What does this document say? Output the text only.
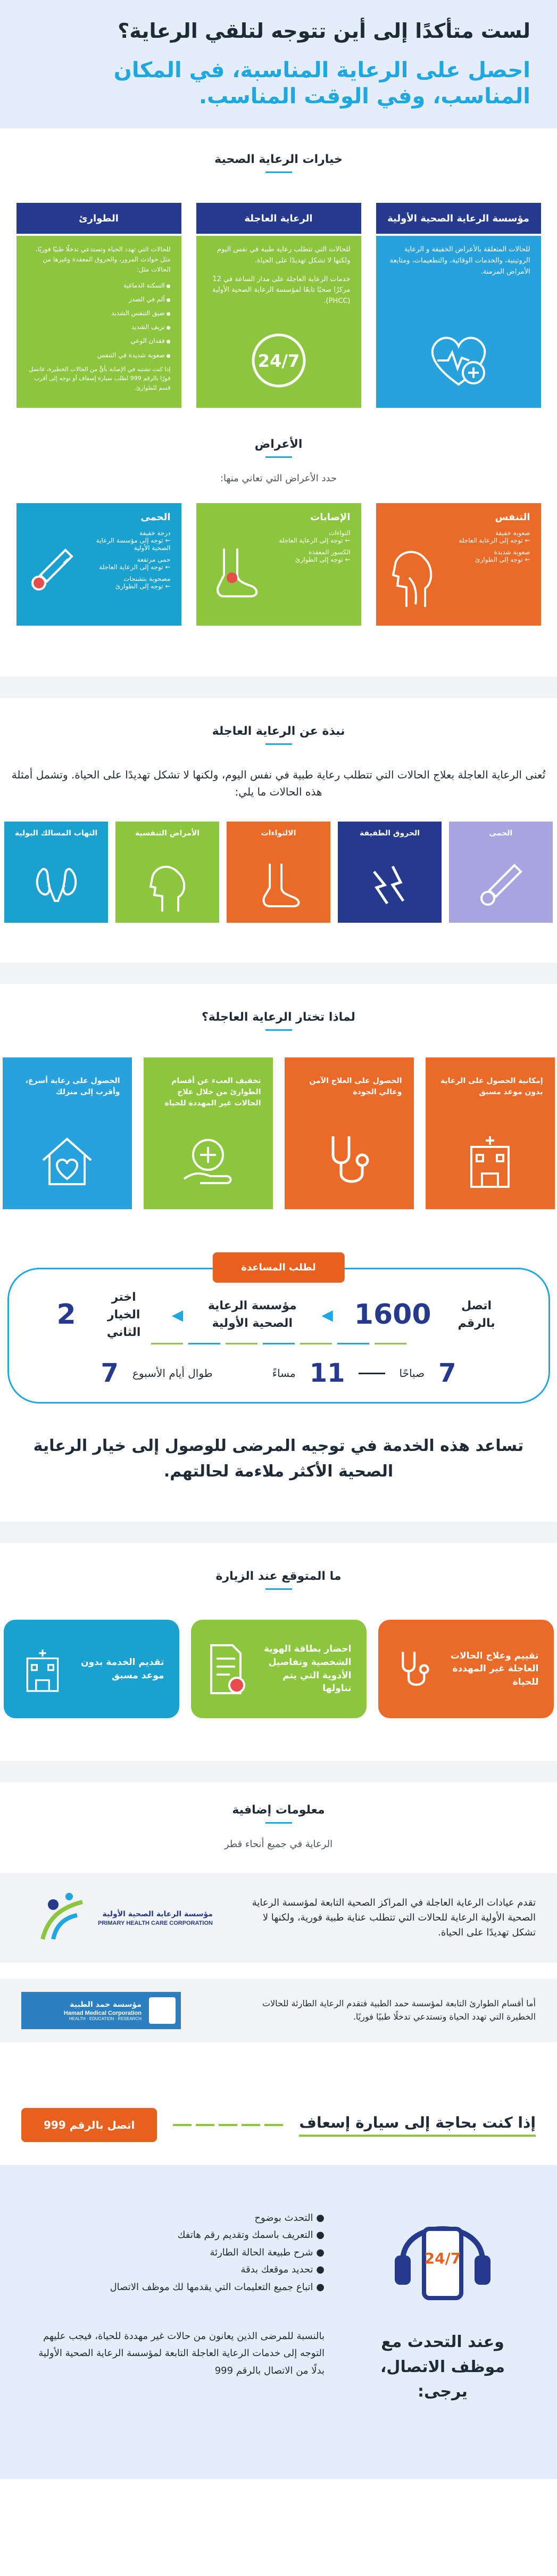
لست متأكدًا إلى أين تتوجه لتلقي الرعاية؟
احصل على الرعاية المناسبة، في المكان المناسب، وفي الوقت المناسب.
خيارات الرعاية الصحية
مؤسسة الرعاية الصحية الأولية
للحالات المتعلقة بالأعراض الخفيفة و الرعاية الروتينية، والخدمات الوقائية، والتطعيمات، ومتابعة الأمراض المزمنة.
الرعاية العاجلة
للحالات التي تتطلب رعاية طبية في نفس اليوم ولكنها لا تشكل تهديدًا على الحياة.
خدمات الرعاية العاجلة على مدار الساعة في 12 مركزًا صحيًا تابعًا لمؤسسة الرعاية الصحية الأولية (PHCC).
24/7
الطوارئ
للحالات التي تهدد الحياة وتستدعي تدخلًا طبيًا فوريًا، مثل حوادث المرور، والحروق المعقدة وغيرها من الحالات مثل:
● السكتة الدماغية
● ألم في الصدر
● ضيق التنفس الشديد
● نزيف الشديد
● فقدان الوعي
● صعوبة شديدة في التنفس
إذا كنت تشتبه في الإصابة بأيٍّ من الحالات الخطيرة، فاتصل فورًا بالرقم 999 لطلب سيارة إسعاف أو توجه إلى أقرب قسم للطوارئ.
الأعراض
حدد الأعراض التي تعاني منها:
التنفس
صعوبة خفيفة
← توجه إلى الرعاية العاجلة
صعوبة شديدة
← توجه إلى الطوارئ
الإصابات
التواءات
← توجه إلى الرعاية العاجلة
الكسور المعقدة
← توجه إلى الطوارئ
الحمى
درجة خفيفة
← توجه إلى مؤسسة الرعاية الصحية الأولية
حمى مرتفعة
← توجه إلى الرعاية العاجلة
مصحوبة بتشنجات
← توجه إلى الطوارئ
نبذة عن الرعاية العاجلة
تُعنى الرعاية العاجلة بعلاج الحالات التي تتطلب رعاية طبية في نفس اليوم، ولكنها لا تشكل تهديدًا على الحياة. وتشمل أمثلة هذه الحالات ما يلي:
الحمى
الحروق الطفيفة
الالتواءات
الأمراض التنفسية
التهاب المسالك البولية
لماذا تختار الرعاية العاجلة؟
إمكانية الحصول على الرعاية بدون موعد مسبق
الحصول على العلاج الآمن وعالي الجودة
تخفيف العبء عن أقسام الطوارئ من خلال علاج الحالات غير المهددة للحياة
الحصول على رعاية أسرع، وأقرب إلى منزلك
لطلب المساعدة
اتصل بالرقم
1600
◀
مؤسسة الرعاية الصحية الأولية
◀
اختر الخيار الثاني
2
7
صباحًا
11
مساءً
طوال أيام الأسبوع
7
تساعد هذه الخدمة في توجيه المرضى للوصول إلى خيار الرعاية الصحية الأكثر ملاءمة لحالتهم.
ما المتوقع عند الزيارة
تقييم وعلاج الحالات العاجلة غير المهددة للحياة
احضار بطاقة الهوية الشخصية وتفاصيل الأدوية التي يتم تناولها
تقديم الخدمة بدون موعد مسبق
معلومات إضافية
الرعاية في جميع أنحاء قطر
تقدم عيادات الرعاية العاجلة في المراكز الصحية التابعة لمؤسسة الرعاية الصحية الأولية الرعاية للحالات التي تتطلب عناية طبية فورية، ولكنها لا تشكل تهديدًا على الحياة.
مؤسسة الرعاية الصحية الأولية
PRIMARY HEALTH CARE CORPORATION
أما أقسام الطوارئ التابعة لمؤسسة حمد الطبية فتقدم الرعاية الطارئة للحالات الخطيرة التي تهدد الحياة وتستدعي تدخلًا طبيًا فوريًا.
مؤسسة حمد الطبية
Hamad Medical Corporation
HEALTH · EDUCATION · RESEARCH
إذا كنت بحاجة إلى سيارة إسعاف
اتصل بالرقم 999
24/7
وعند التحدث مع موظف الاتصال، يرجى:
● التحدث بوضوح
● التعريف باسمك وتقديم رقم هاتفك
● شرح طبيعة الحالة الطارئة
● تحديد موقعك بدقة
● اتباع جميع التعليمات التي يقدمها لك موظف الاتصال
بالنسبة للمرضى الذين يعانون من حالات غير مهددة للحياة، فيجب عليهم التوجه إلى خدمات الرعاية العاجلة التابعة لمؤسسة الرعاية الصحية الأولية بدلًا من الاتصال بالرقم 999
